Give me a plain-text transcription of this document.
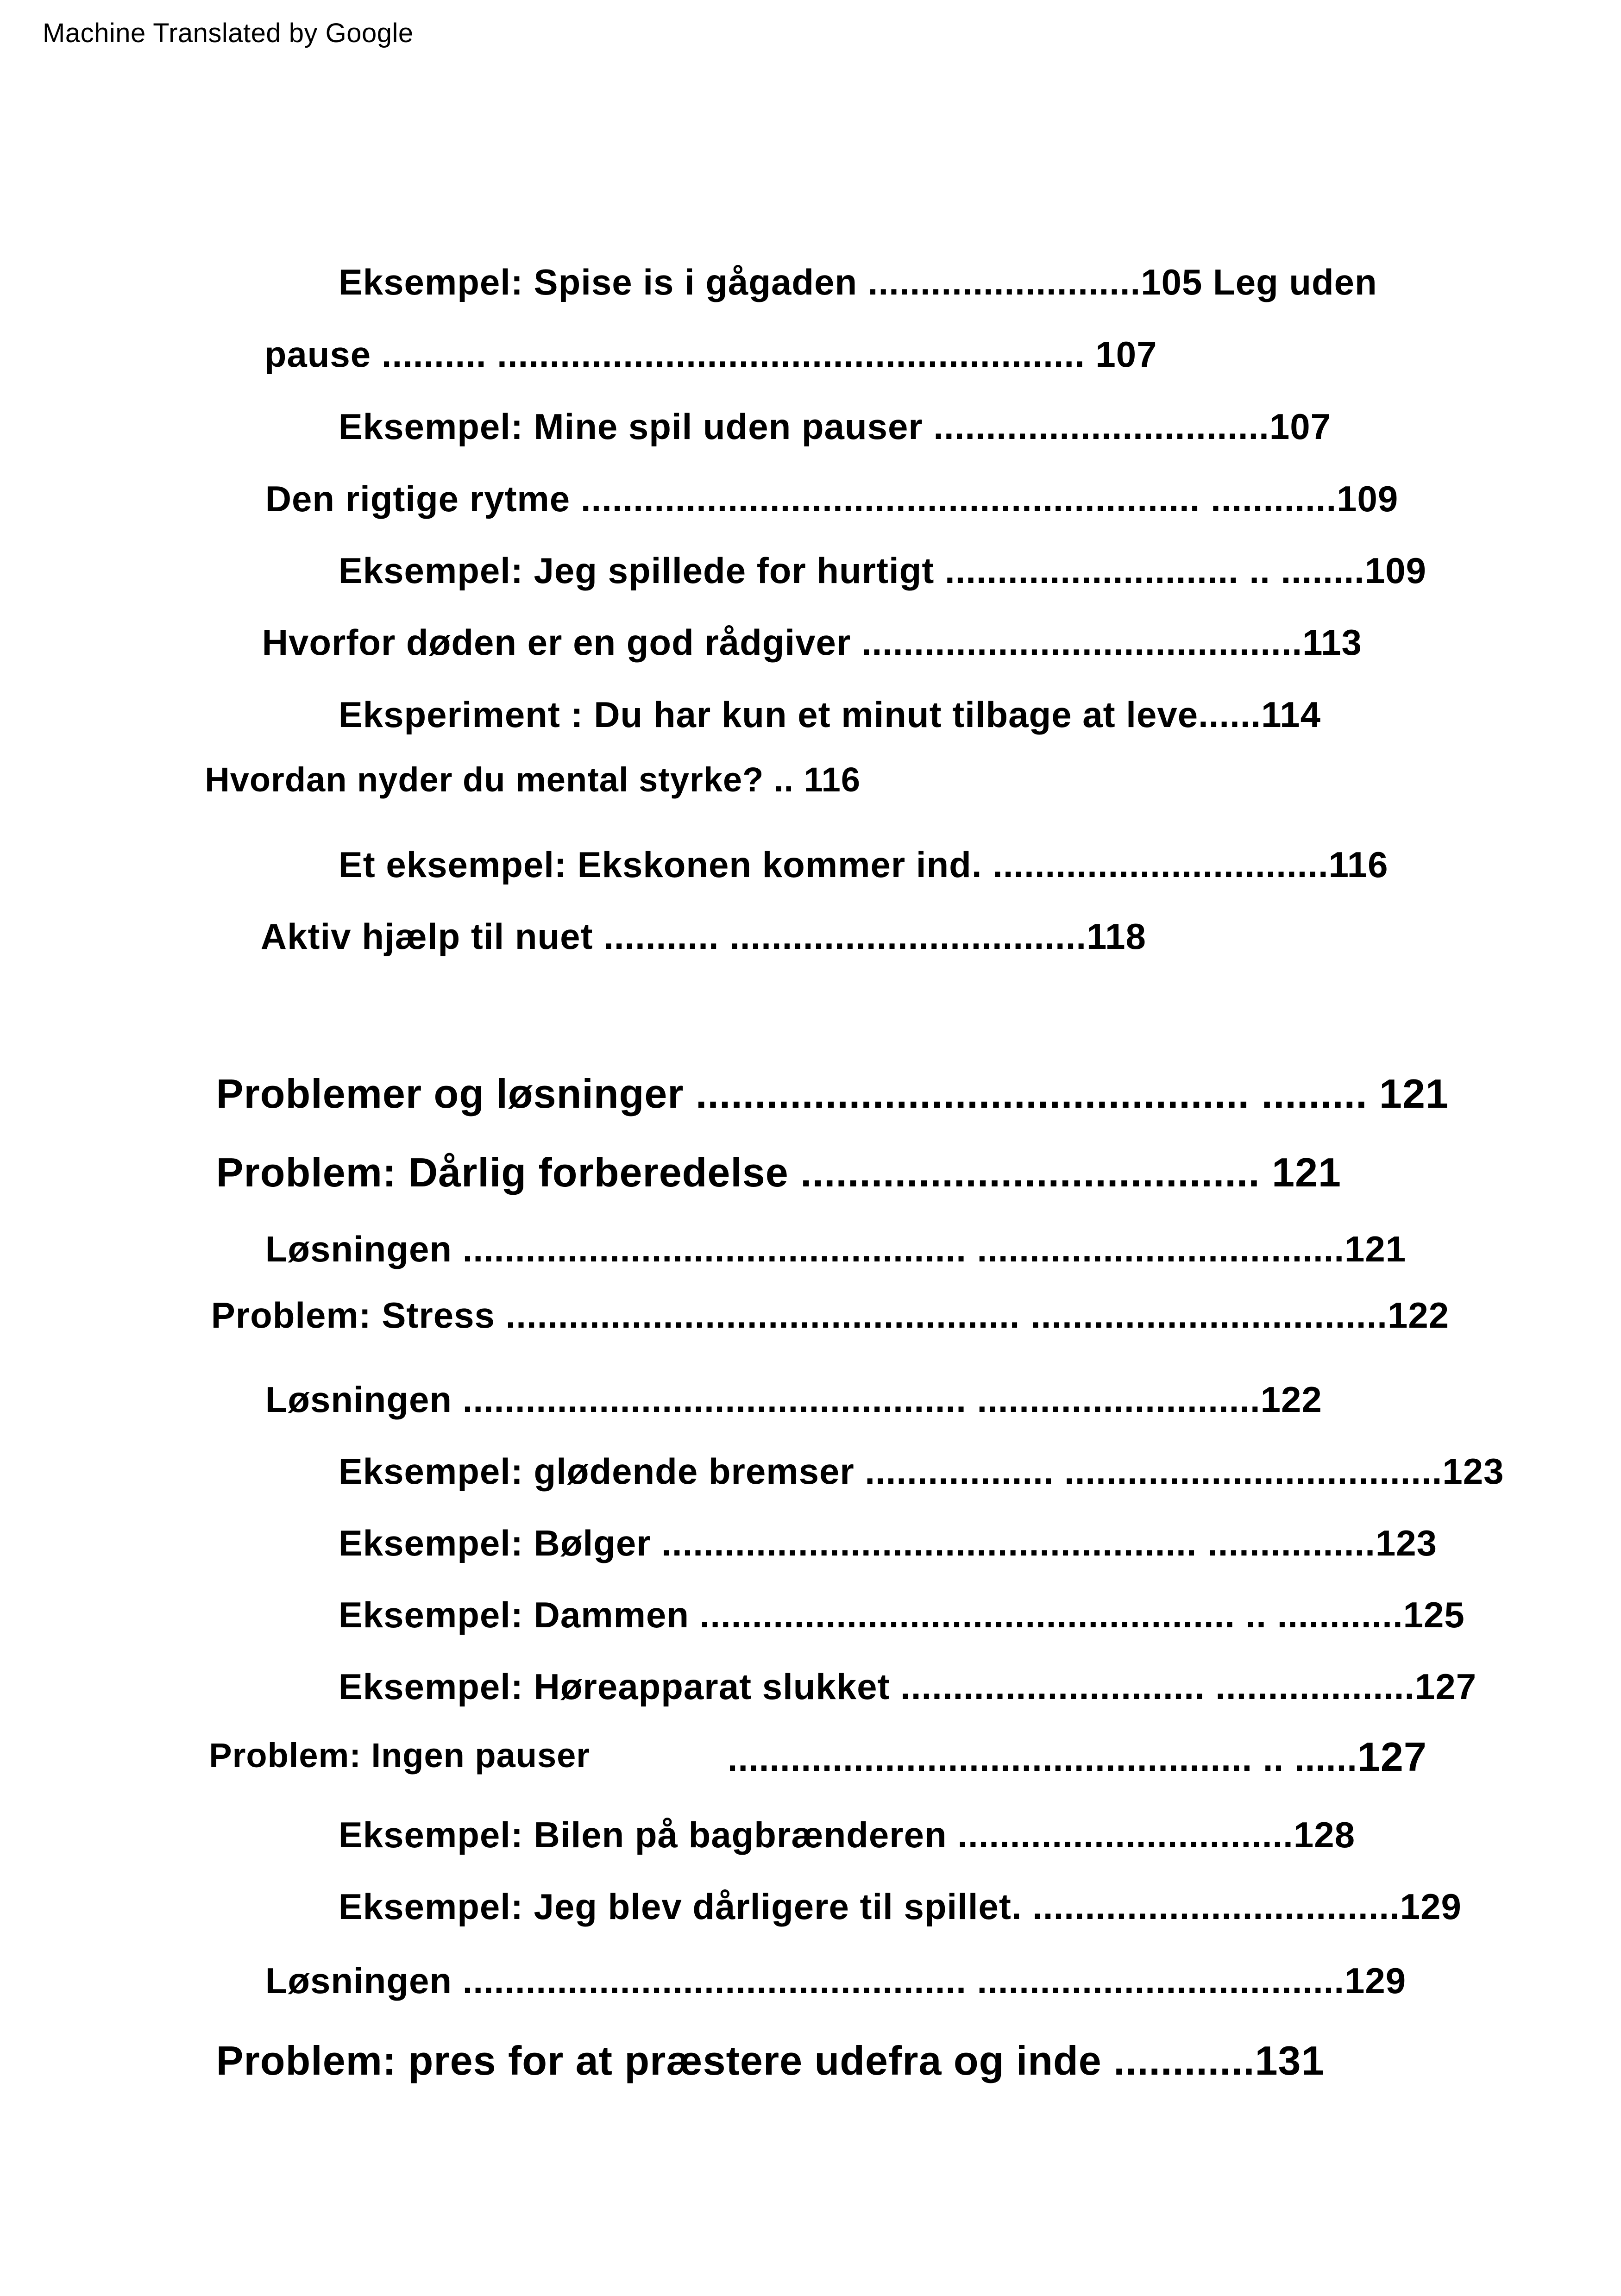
Machine Translated by Google

Eksempel: Spise is i gågaden ..........................105 Leg uden

pause .......... ........................................................ 107

Eksempel: Mine spil uden pauser ................................107

Den rigtige rytme ........................................................... ............109

Eksempel: Jeg spillede for hurtigt ............................ .. ........109

Hvorfor døden er en god rådgiver ..........................................113

Eksperiment : Du har kun et minut tilbage at leve......114

Hvordan nyder du mental styrke? .. 116

Et eksempel: Ekskonen kommer ind. ................................116

Aktiv hjælp til nuet ........... ..................................118

Problemer og løsninger ............................................... ......... 121

Problem: Dårlig forberedelse ....................................... 121

Løsningen ................................................ ...................................121

Problem: Stress ................................................. ..................................122

Løsningen ................................................ ...........................122

Eksempel: glødende bremser .................. ....................................123

Eksempel: Bølger ................................................... ................123

Eksempel: Dammen ................................................... .. ............125

Eksempel: Høreapparat slukket ............................. ...................127

Problem: Ingen pauser
	.................................................. .. ......127

Eksempel: Bilen på bagbrænderen ................................128

Eksempel: Jeg blev dårligere til spillet. ...................................129

Løsningen ................................................ ...................................129

Problem: pres for at præstere udefra og inde ............131
